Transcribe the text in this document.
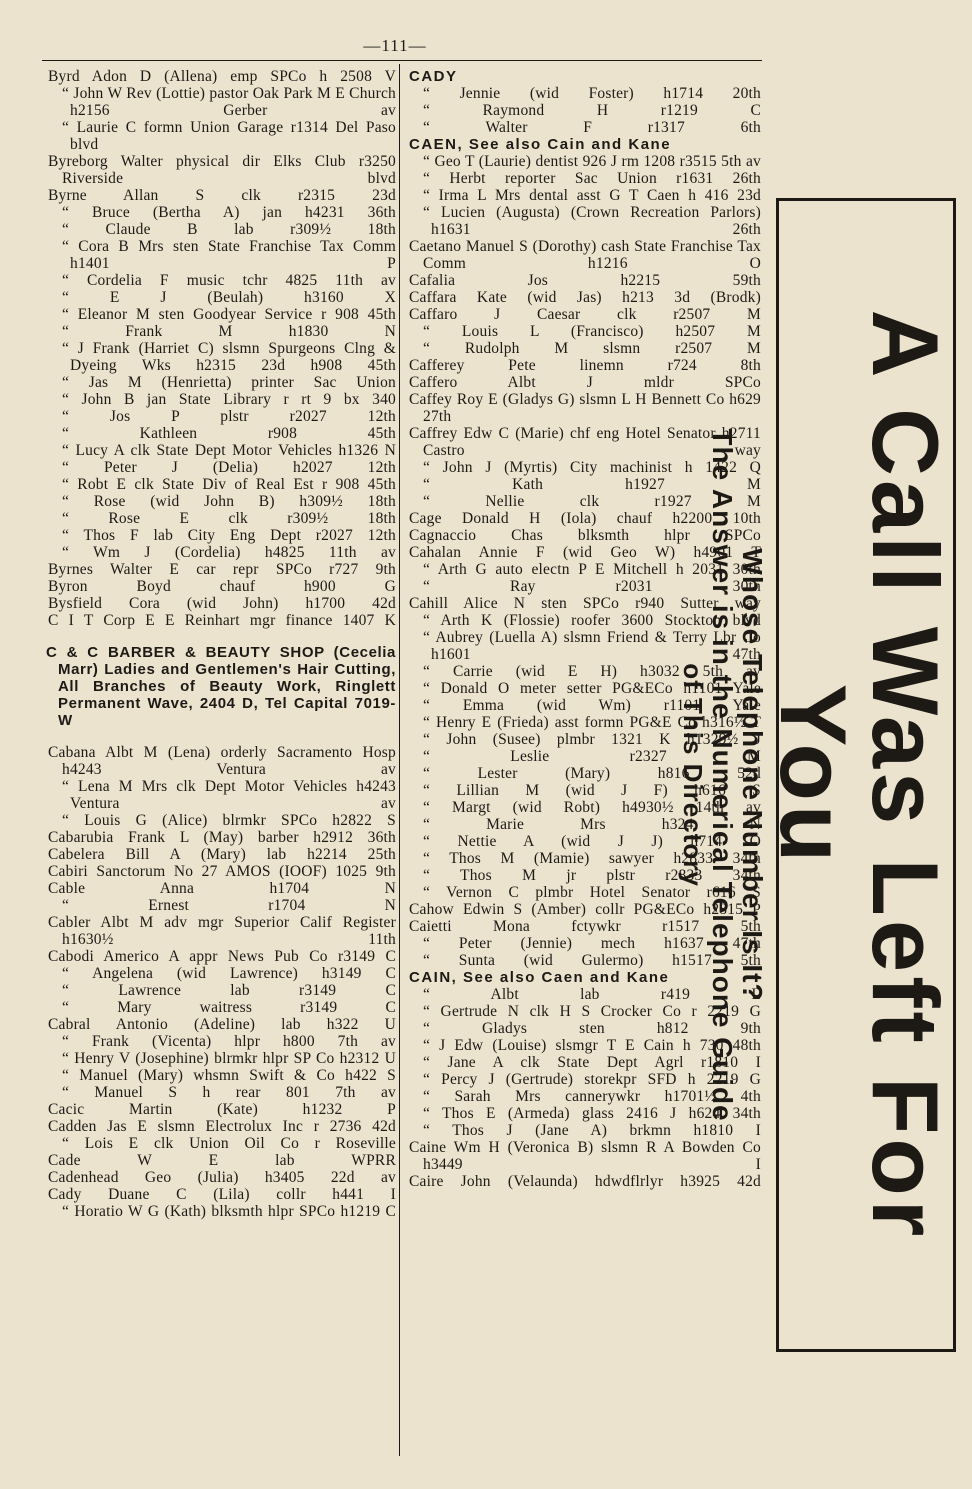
—111—

Byrd Adon D (Allena) emp SPCo h 2508 V

“ John W Rev (Lottie) pastor Oak Park M E Church h2156 Gerber av

“ Laurie C formn Union Garage r1314 Del Paso blvd

Byreborg Walter physical dir Elks Club r3250 Riverside blvd

Byrne Allan S clk r2315 23d

“ Bruce (Bertha A) jan h4231 36th

“ Claude B lab r309½ 18th

“ Cora B Mrs sten State Franchise Tax Comm h1401 P

“ Cordelia F music tchr 4825 11th av

“ E J (Beulah) h3160 X

“ Eleanor M sten Goodyear Service r 908 45th

“ Frank M h1830 N

“ J Frank (Harriet C) slsmn Spurgeons Clng & Dyeing Wks h2315 23d h908 45th

“ Jas M (Henrietta) printer Sac Union

“ John B jan State Library r rt 9 bx 340

“ Jos P plstr r2027 12th

“ Kathleen r908 45th

“ Lucy A clk State Dept Motor Vehicles h1326 N

“ Peter J (Delia) h2027 12th

“ Robt E clk State Div of Real Est r 908 45th

“ Rose (wid John B) h309½ 18th

“ Rose E clk r309½ 18th

“ Thos F lab City Eng Dept r2027 12th

“ Wm J (Cordelia) h4825 11th av

Byrnes Walter E car repr SPCo r727 9th

Byron Boyd chauf h900 G

Bysfield Cora (wid John) h1700 42d

C I T Corp E E Reinhart mgr finance 1407 K

C & C BARBER & BEAUTY SHOP (Cecelia Marr) Ladies and Gentlemen's Hair Cutting, All Branches of Beauty Work, Ringlett Permanent Wave, 2404 D, Tel Capital 7019-W

Cabana Albt M (Lena) orderly Sacramento Hosp h4243 Ventura av

“ Lena M Mrs clk Dept Motor Vehicles h4243 Ventura av

“ Louis G (Alice) blrmkr SPCo h2822 S

Cabarubia Frank L (May) barber h2912 36th

Cabelera Bill A (Mary) lab h2214 25th

Cabiri Sanctorum No 27 AMOS (IOOF) 1025 9th

Cable Anna h1704 N

“ Ernest r1704 N

Cabler Albt M adv mgr Superior Calif Register h1630½ 11th

Cabodi Americo A appr News Pub Co r3149 C

“ Angelena (wid Lawrence) h3149 C

“ Lawrence lab r3149 C

“ Mary waitress r3149 C

Cabral Antonio (Adeline) lab h322 U

“ Frank (Vicenta) hlpr h800 7th av

“ Henry V (Josephine) blrmkr hlpr SP Co h2312 U

“ Manuel (Mary) whsmn Swift & Co h422 S

“ Manuel S h rear 801 7th av

Cacic Martin (Kate) h1232 P

Cadden Jas E slsmn Electrolux Inc r 2736 42d

“ Lois E clk Union Oil Co r Roseville

Cade W E lab WPRR

Cadenhead Geo (Julia) h3405 22d av

Cady Duane C (Lila) collr h441 I

“ Horatio W G (Kath) blksmth hlpr SPCo h1219 C

CADY

“ Jennie (wid Foster) h1714 20th

“ Raymond H r1219 C

“ Walter F r1317 6th

CAEN, See also Cain and Kane

“ Geo T (Laurie) dentist 926 J rm 1208 r3515 5th av

“ Herbt reporter Sac Union r1631 26th

“ Irma L Mrs dental asst G T Caen h 416 23d

“ Lucien (Augusta) (Crown Recreation Parlors) h1631 26th

Caetano Manuel S (Dorothy) cash State Franchise Tax Comm h1216 O

Cafalia Jos h2215 59th

Caffara Kate (wid Jas) h213 3d (Brodk)

Caffaro J Caesar clk r2507 M

“ Louis L (Francisco) h2507 M

“ Rudolph M slsmn r2507 M

Cafferey Pete linemn r724 8th

Caffero Albt J mldr SPCo

Caffey Roy E (Gladys G) slsmn L H Bennett Co h629 27th

Caffrey Edw C (Marie) chf eng Hotel Senator h2711 Castro way

“ John J (Myrtis) City machinist h 1422 Q

“ Kath h1927 M

“ Nellie clk r1927 M

Cage Donald H (Iola) chauf h2200 10th

Cagnaccio Chas blksmth hlpr SPCo

Cahalan Annie F (wid Geo W) h4901 T

“ Arth G auto electn P E Mitchell h 2031 30th

“ Ray r2031 30th

Cahill Alice N sten SPCo r940 Sutter way

“ Arth K (Flossie) roofer 3600 Stockton blvd

“ Aubrey (Luella A) slsmn Friend & Terry Lbr Co h1601 47th

“ Carrie (wid E H) h3032 5th av

“ Donald O meter setter PG&ECo h1101 Yale

“ Emma (wid Wm) r1101 Yale

“ Henry E (Frieda) asst formn PG&E Co h316½ T

“ John (Susee) plmbr 1321 K h1329½ J

“ Leslie r2327 M

“ Lester (Mary) h816 52d

“ Lillian M (wid J F) h616 S

“ Margt (wid Robt) h4930½ 14th av

“ Marie Mrs h324 N

“ Nettie A (wid J J) h714 O

“ Thos M (Mamie) sawyer h2833 34th

“ Thos M jr plstr r2833 34th

“ Vernon C plmbr Hotel Senator r616 S

Cahow Edwin S (Amber) collr PG&ECo h2815 P

Caietti Mona fctywkr r1517 5th

“ Peter (Jennie) mech h1637 47th

“ Sunta (wid Gulermo) h1517 5th

CAIN, See also Caen and Kane

“ Albt lab r419 L

“ Gertrude N clk H S Crocker Co r 2219 G

“ Gladys sten h812 9th

“ J Edw (Louise) slsmgr T E Cain h 730 48th

“ Jane A clk State Dept Agrl r1810 I

“ Percy J (Gertrude) storekpr SFD h 2219 G

“ Sarah Mrs cannerywkr h1701½ 4th

“ Thos E (Armeda) glass 2416 J h624 34th

“ Thos J (Jane A) brkmn h1810 I

Caine Wm H (Veronica B) slsmn R A Bowden Co h3449 I

Caire John (Velaunda) hdwdflrlyr h3925 42d A Call Was Left For You
Whose Telephone Number Is It?
The Answer is in the Numerical Telephone Guide
of This Directory
